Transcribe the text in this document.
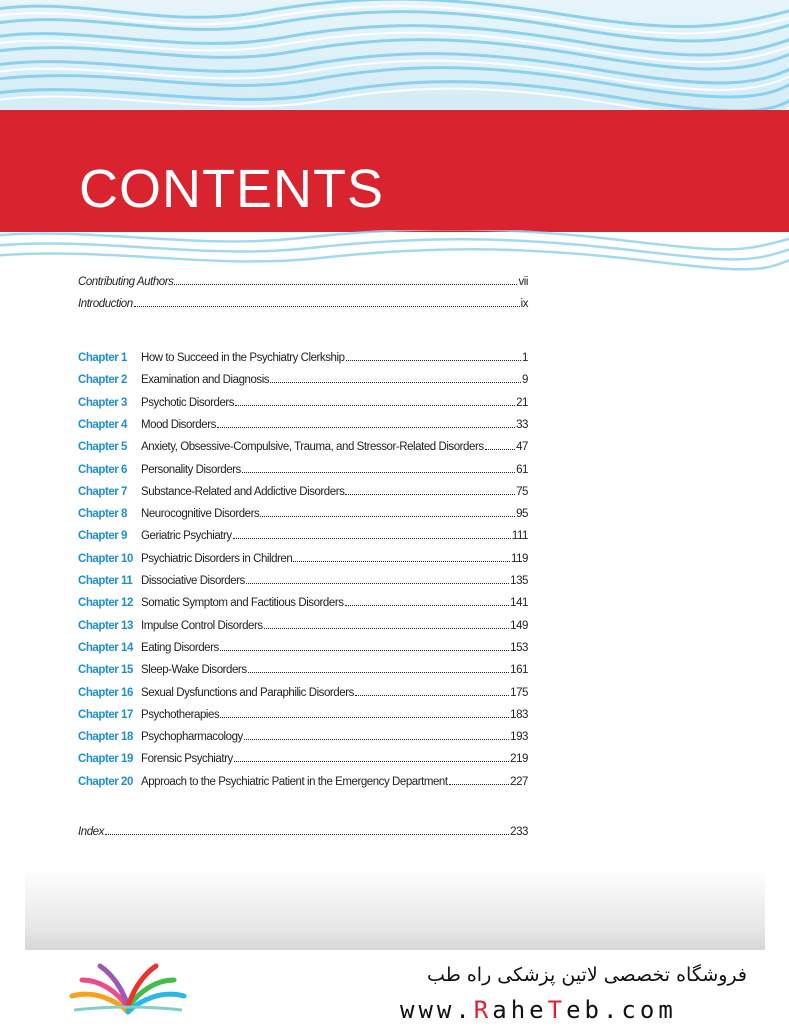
CONTENTS
Contributing Authors	vii
Introduction	ix
Chapter 1	How to Succeed in the Psychiatry Clerkship	1
Chapter 2	Examination and Diagnosis	9
Chapter 3	Psychotic Disorders	21
Chapter 4	Mood Disorders	33
Chapter 5	Anxiety, Obsessive-Compulsive, Trauma, and Stressor-Related Disorders	47
Chapter 6	Personality Disorders	61
Chapter 7	Substance-Related and Addictive Disorders	75
Chapter 8	Neurocognitive Disorders	95
Chapter 9	Geriatric Psychiatry	111
Chapter 10 Psychiatric Disorders in Children	119
Chapter 11 Dissociative Disorders	135
Chapter 12 Somatic Symptom and Factitious Disorders	141
Chapter 13 Impulse Control Disorders	149
Chapter 14 Eating Disorders	153
Chapter 15 Sleep-Wake Disorders	161
Chapter 16 Sexual Dysfunctions and Paraphilic Disorders	175
Chapter 17 Psychotherapies	183
Chapter 18 Psychopharmacology	193
Chapter 19 Forensic Psychiatry	219
Chapter 20 Approach to the Psychiatric Patient in the Emergency Department	227
Index	233
فروشگاه تخصصی لاتین پزشکی راه طب
www.RaheTeb.com
